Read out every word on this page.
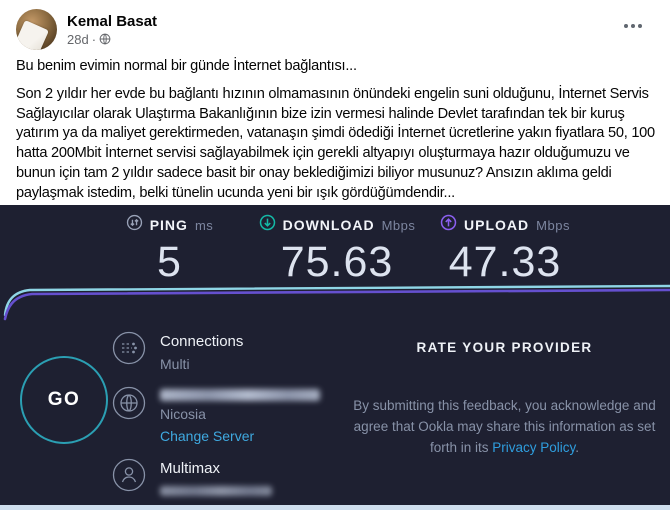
Kemal Basat
28d ·

Bu benim evimin normal bir günde İnternet bağlantısı...

Son 2 yıldır her evde bu bağlantı hızının olmamasının önündeki engelin suni olduğunu, İnternet Servis Sağlayıcılar olarak Ulaştırma Bakanlığının bize izin vermesi halinde Devlet tarafından tek bir kuruş yatırım ya da maliyet gerektirmeden, vatanaşın şimdi ödediği İnternet ücretlerine yakın fiyatlara 50, 100 hatta 200Mbit İnternet servisi sağlayabilmek için gerekli altyapıyı oluşturmaya hazır olduğumuzu ve bunun için tam 2 yıldır sadece basit bir onay beklediğimizi biliyor musunuz? Ansızın aklıma geldi paylaşmak istedim, belki tünelin ucunda yeni bir ışık gördüğümdendir...

PING ms
5
DOWNLOAD Mbps
75.63
UPLOAD Mbps
47.33
GO
Connections
Multi
Nicosia
Change Server
Multimax
RATE YOUR PROVIDER
By submitting this feedback, you acknowledge and agree that Ookla may share this information as set forth in its Privacy Policy.
